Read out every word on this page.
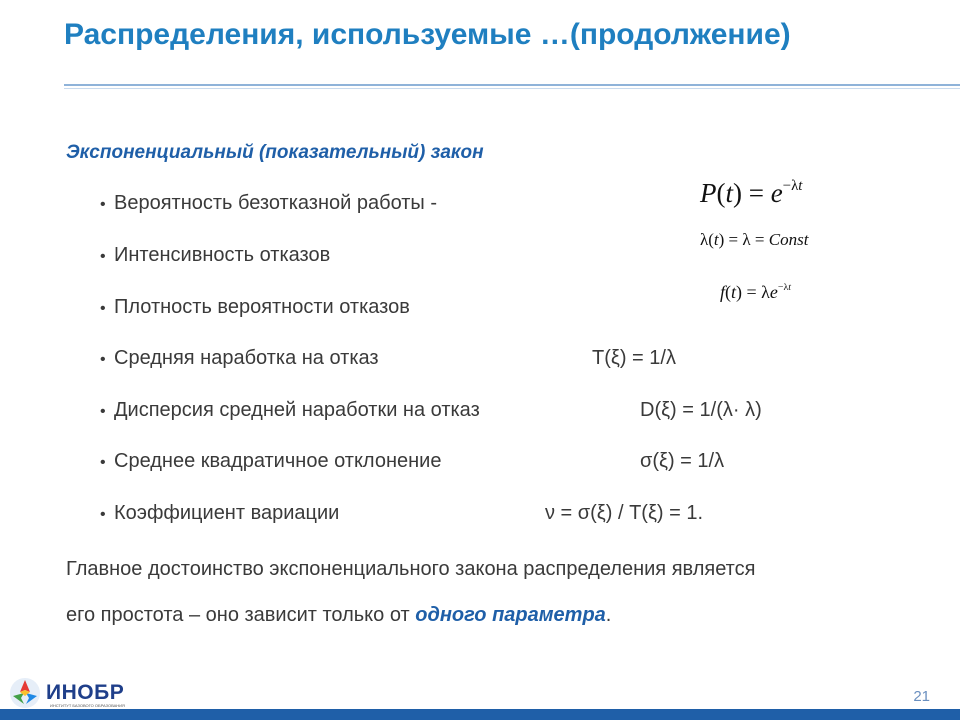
Распределения, используемые …(продолжение)
Экспоненциальный (показательный) закон
• Вероятность безотказной работы -	$P(t) = e^{-\lambda t}$
• Интенсивность отказов
λ(t) = λ = Const
• Плотность вероятности отказов
$f(t) = \lambda e^{-\lambda t}$
• Средняя наработка на отказ	T(ξ) = 1/λ
• Дисперсия средней наработки на отказ	D(ξ) = 1/(λ· λ)
• Среднее квадратичное отклонение	σ(ξ) = 1/λ
• Коэффициент вариации	ν = σ(ξ) / T(ξ) = 1.
Главное достоинство экспоненциального закона распределения является
его простота – оно зависит только от одного параметра.
ИНОБР
ИНСТИТУТ БАЗОВОГО ОБРАЗОВАНИЯ
21
